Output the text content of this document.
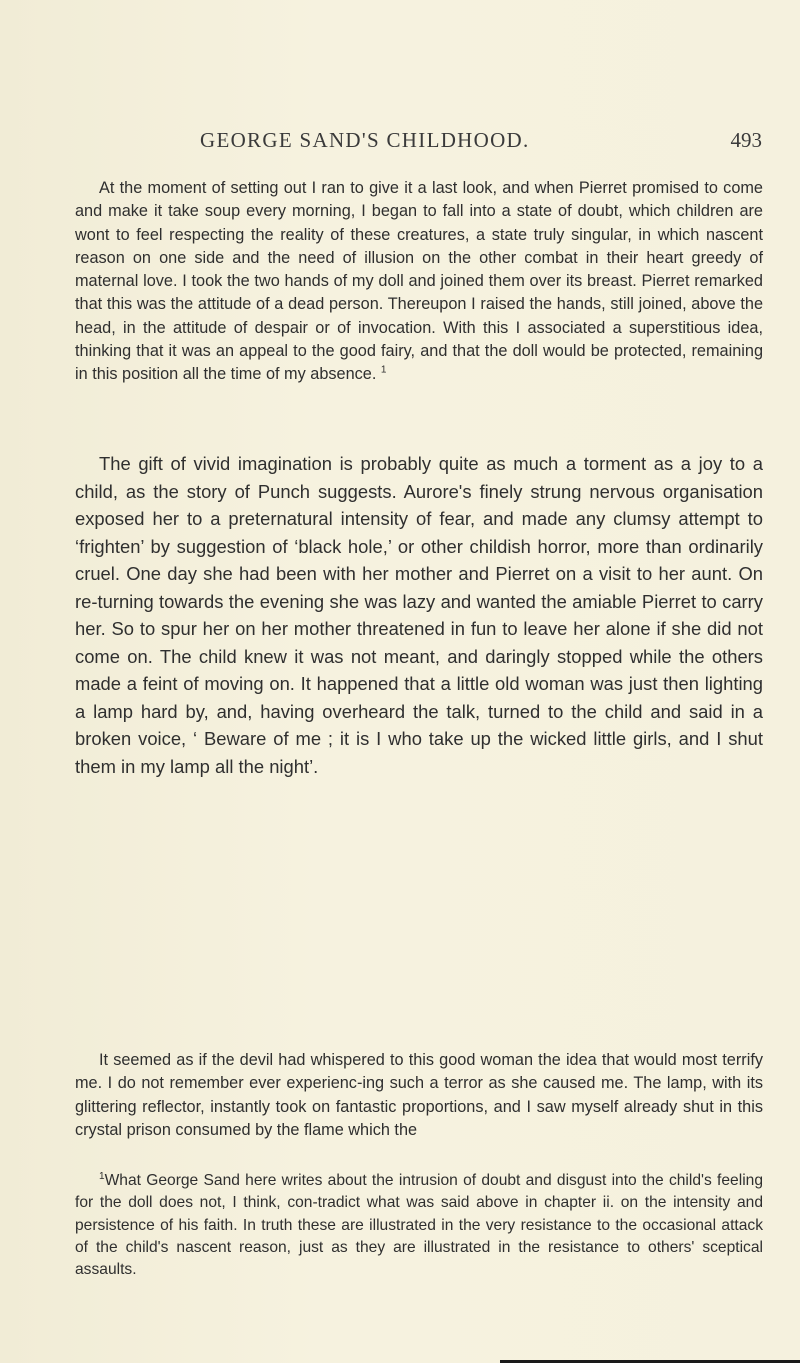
GEORGE SAND'S CHILDHOOD.	493

At the moment of setting out I ran to give it a last look, and when Pierret promised to come and make it take soup every morning, I began to fall into a state of doubt, which children are wont to feel respecting the reality of these creatures, a state truly singular, in which nascent reason on one side and the need of illusion on the other combat in their heart greedy of maternal love. I took the two hands of my doll and joined them over its breast. Pierret remarked that this was the attitude of a dead person. Thereupon I raised the hands, still joined, above the head, in the attitude of despair or of invocation. With this I associated a superstitious idea, thinking that it was an appeal to the good fairy, and that the doll would be protected, remaining in this position all the time of my absence. $^1$

The gift of vivid imagination is probably quite as much a torment as a joy to a child, as the story of Punch suggests. Aurore's finely strung nervous organisation exposed her to a preternatural intensity of fear, and made any clumsy attempt to ‘frighten’ by suggestion of ‘black hole,’ or other childish horror, more than ordinarily cruel. One day she had been with her mother and Pierret on a visit to her aunt. On re-turning towards the evening she was lazy and wanted the amiable Pierret to carry her. So to spur her on her mother threatened in fun to leave her alone if she did not come on. The child knew it was not meant, and daringly stopped while the others made a feint of moving on. It happened that a little old woman was just then lighting a lamp hard by, and, having overheard the talk, turned to the child and said in a broken voice, ‘ Beware of me ; it is I who take up the wicked little girls, and I shut them in my lamp all the night’.

It seemed as if the devil had whispered to this good woman the idea that would most terrify me. I do not remember ever experienc-ing such a terror as she caused me. The lamp, with its glittering reflector, instantly took on fantastic proportions, and I saw myself already shut in this crystal prison consumed by the flame which the

$^1$What George Sand here writes about the intrusion of doubt and disgust into the child's feeling for the doll does not, I think, con-tradict what was said above in chapter ii. on the intensity and persistence of his faith. In truth these are illustrated in the very resistance to the occasional attack of the child's nascent reason, just as they are illustrated in the resistance to others' sceptical assaults.
